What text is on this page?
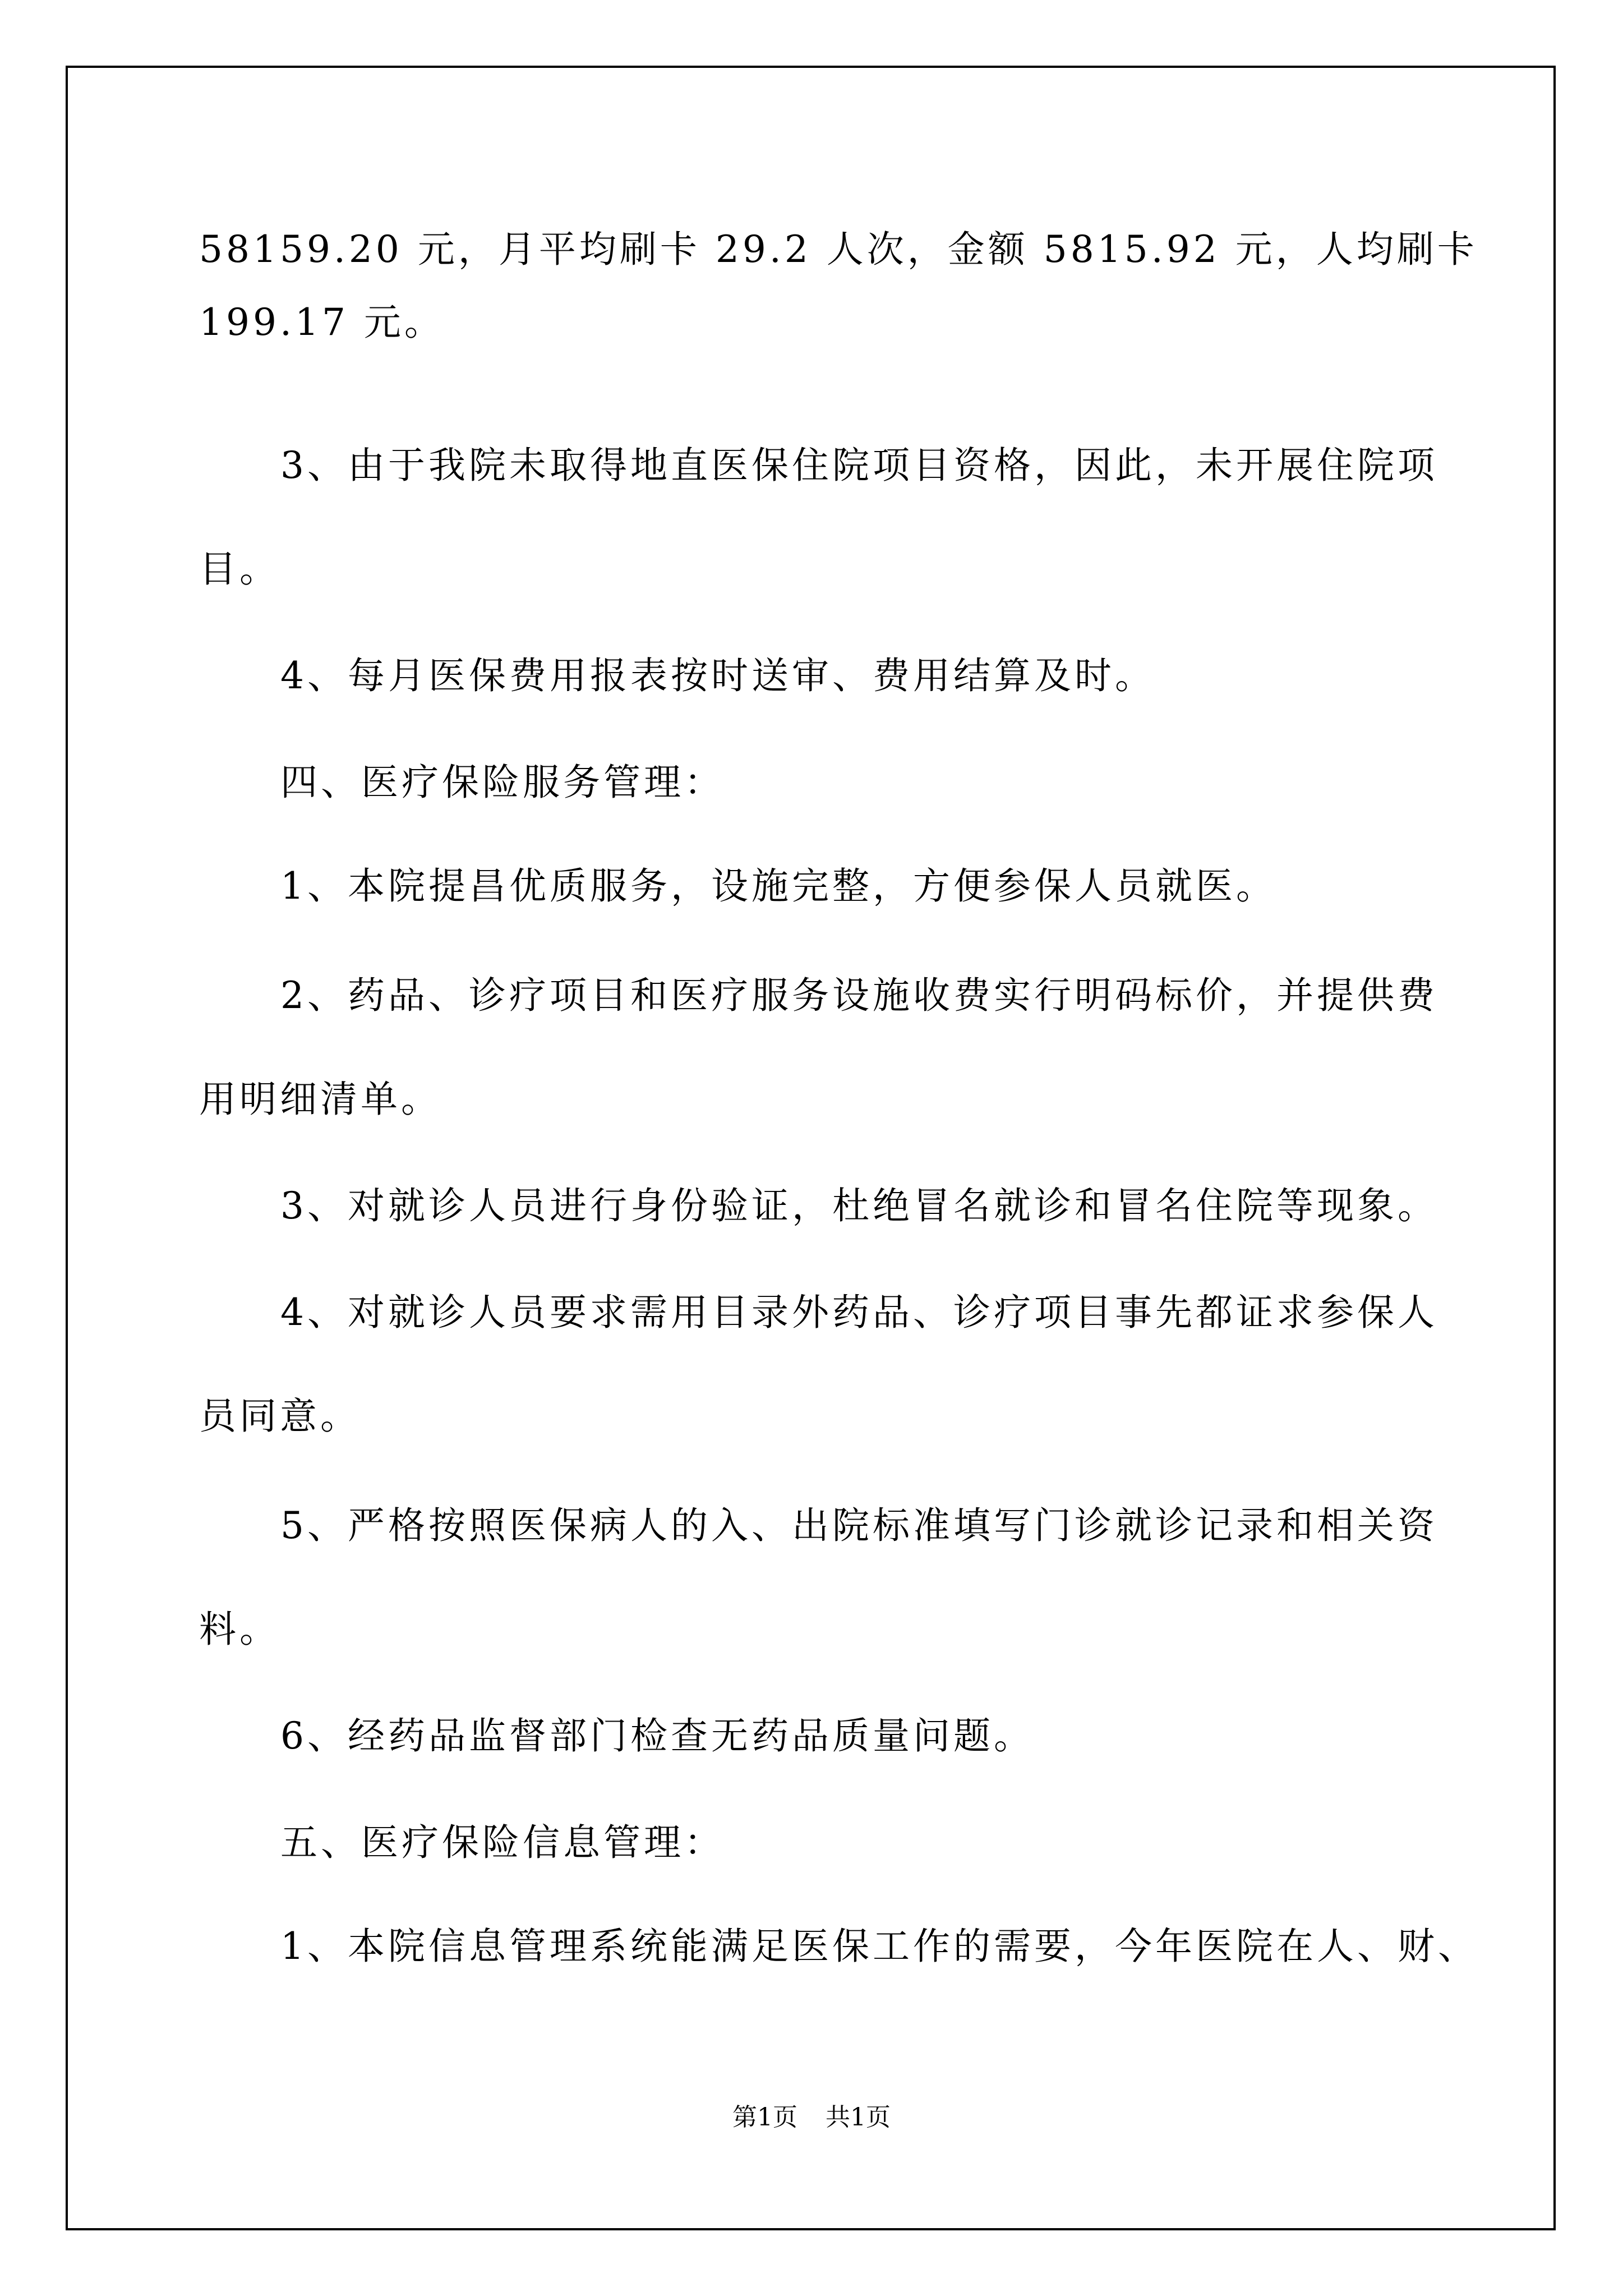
58159.20 元，月平均刷卡 29.2 人次，金额 5815.92 元，人均刷卡
199.17 元。
3、由于我院未取得地直医保住院项目资格，因此，未开展住院项
目。
4、每月医保费用报表按时送审、费用结算及时。
四、医疗保险服务管理：
1、本院提昌优质服务，设施完整，方便参保人员就医。
2、药品、诊疗项目和医疗服务设施收费实行明码标价，并提供费
用明细清单。
3、对就诊人员进行身份验证，杜绝冒名就诊和冒名住院等现象。
4、对就诊人员要求需用目录外药品、诊疗项目事先都证求参保人
员同意。
5、严格按照医保病人的入、出院标准填写门诊就诊记录和相关资
料。
6、经药品监督部门检查无药品质量问题。
五、医疗保险信息管理：
1、本院信息管理系统能满足医保工作的需要，今年医院在人、财、
第1页 共1页
